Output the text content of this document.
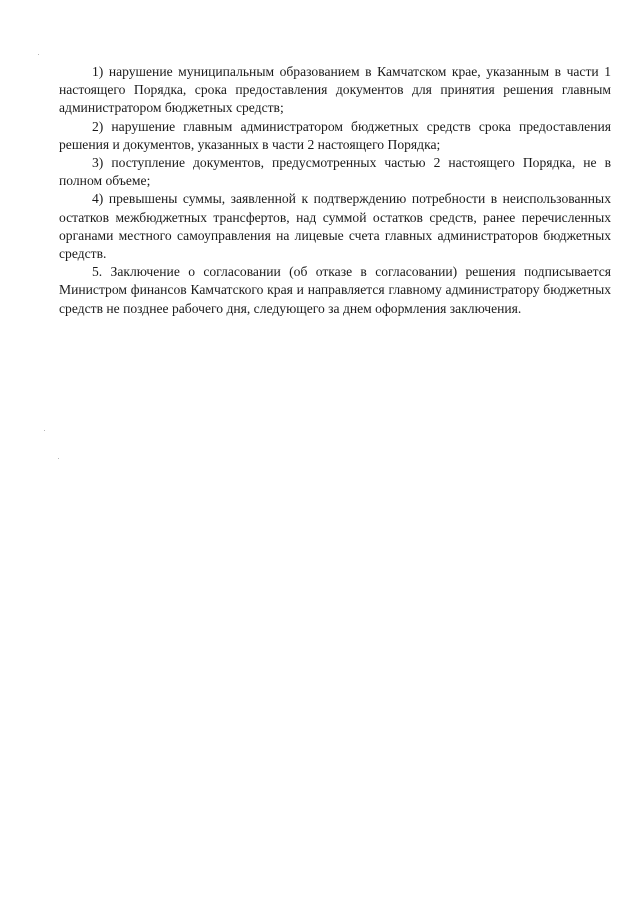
1) нарушение муниципальным образованием в Камчатском крае, указанным в части 1 настоящего Порядка, срока предоставления документов для принятия решения главным администратором бюджетных средств;

2) нарушение главным администратором бюджетных средств срока предоставления решения и документов, указанных в части 2 настоящего Порядка;

3) поступление документов, предусмотренных частью 2 настоящего Порядка, не в полном объеме;

4) превышены суммы, заявленной к подтверждению потребности в неиспользованных остатков межбюджетных трансфертов, над суммой остатков средств, ранее перечисленных органами местного самоуправления на лицевые счета главных администраторов бюджетных средств.

5. Заключение о согласовании (об отказе в согласовании) решения подписывается Министром финансов Камчатского края и направляется главному администратору бюджетных средств не позднее рабочего дня, следующего за днем оформления заключения.
